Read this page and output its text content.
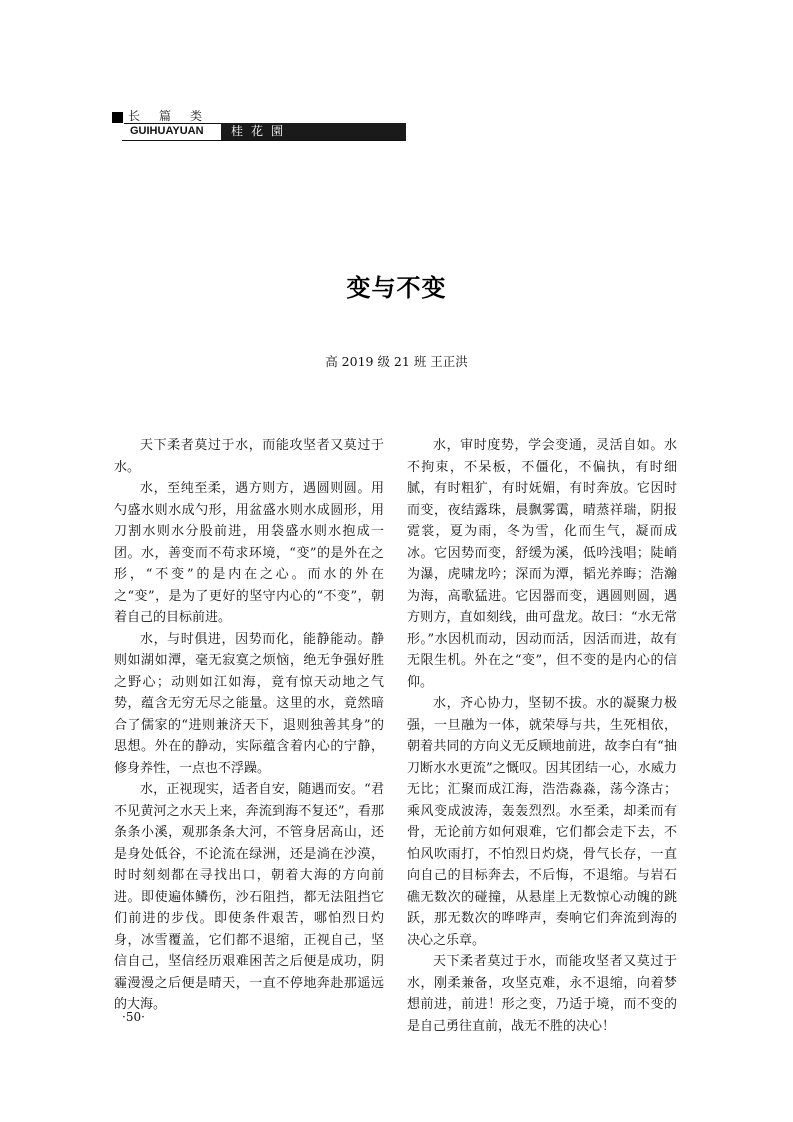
长篇类
GUIHUAYUAN	桂花園
变与不变
高 2019 级 21 班 王正洪

天下柔者莫过于水，而能攻坚者又莫过于水。

水，至纯至柔，遇方则方，遇圆则圆。用勺盛水则水成勺形，用盆盛水则水成圆形，用刀割水则水分股前进，用袋盛水则水抱成一团。水，善变而不苟求环境，“变”的是外在之形，“不变”的是内在之心。而水的外在之“变”，是为了更好的坚守内心的“不变”，朝着自己的目标前进。

水，与时俱进，因势而化，能静能动。静则如湖如潭，毫无寂寞之烦恼，绝无争强好胜之野心；动则如江如海，竟有惊天动地之气势，蕴含无穷无尽之能量。这里的水，竟然暗合了儒家的“进则兼济天下，退则独善其身”的思想。外在的静动，实际蕴含着内心的宁静，修身养性，一点也不浮躁。

水，正视现实，适者自安，随遇而安。“君不见黄河之水天上来，奔流到海不复还”，看那条条小溪，观那条条大河，不管身居高山，还是身处低谷，不论流在绿洲，还是淌在沙漠，时时刻刻都在寻找出口，朝着大海的方向前进。即使遍体鳞伤，沙石阻挡，都无法阻挡它们前进的步伐。即使条件艰苦，哪怕烈日灼身，冰雪覆盖，它们都不退缩，正视自己，坚信自己，坚信经历艰难困苦之后便是成功，阴霾漫漫之后便是晴天，一直不停地奔赴那遥远的大海。

水，审时度势，学会变通，灵活自如。水不拘束，不呆板，不僵化，不偏执，有时细腻，有时粗犷，有时妩媚，有时奔放。它因时而变，夜结露珠，晨飘雾霭，晴蒸祥瑞，阴报霓裳，夏为雨，冬为雪，化而生气，凝而成冰。它因势而变，舒缓为溪，低吟浅唱；陡峭为瀑，虎啸龙吟；深而为潭，韬光养晦；浩瀚为海，高歌猛进。它因器而变，遇圆则圆，遇方则方，直如刻线，曲可盘龙。故曰：“水无常形。”水因机而动，因动而活，因活而进，故有无限生机。外在之“变”，但不变的是内心的信仰。

水，齐心协力，坚韧不拔。水的凝聚力极强，一旦融为一体，就荣辱与共，生死相依，朝着共同的方向义无反顾地前进，故李白有“抽刀断水水更流”之慨叹。因其团结一心，水威力无比；汇聚而成江海，浩浩淼淼，荡今涤古；乘风变成波涛，轰轰烈烈。水至柔，却柔而有骨，无论前方如何艰难，它们都会走下去，不怕风吹雨打，不怕烈日灼烧，骨气长存，一直向自己的目标奔去，不后悔，不退缩。与岩石礁无数次的碰撞，从悬崖上无数惊心动魄的跳跃，那无数次的哗哗声，奏响它们奔流到海的决心之乐章。

天下柔者莫过于水，而能攻坚者又莫过于水，刚柔兼备，攻坚克难，永不退缩，向着梦想前进，前进！形之变，乃适于境，而不变的是自己勇往直前，战无不胜的决心！

·50·
